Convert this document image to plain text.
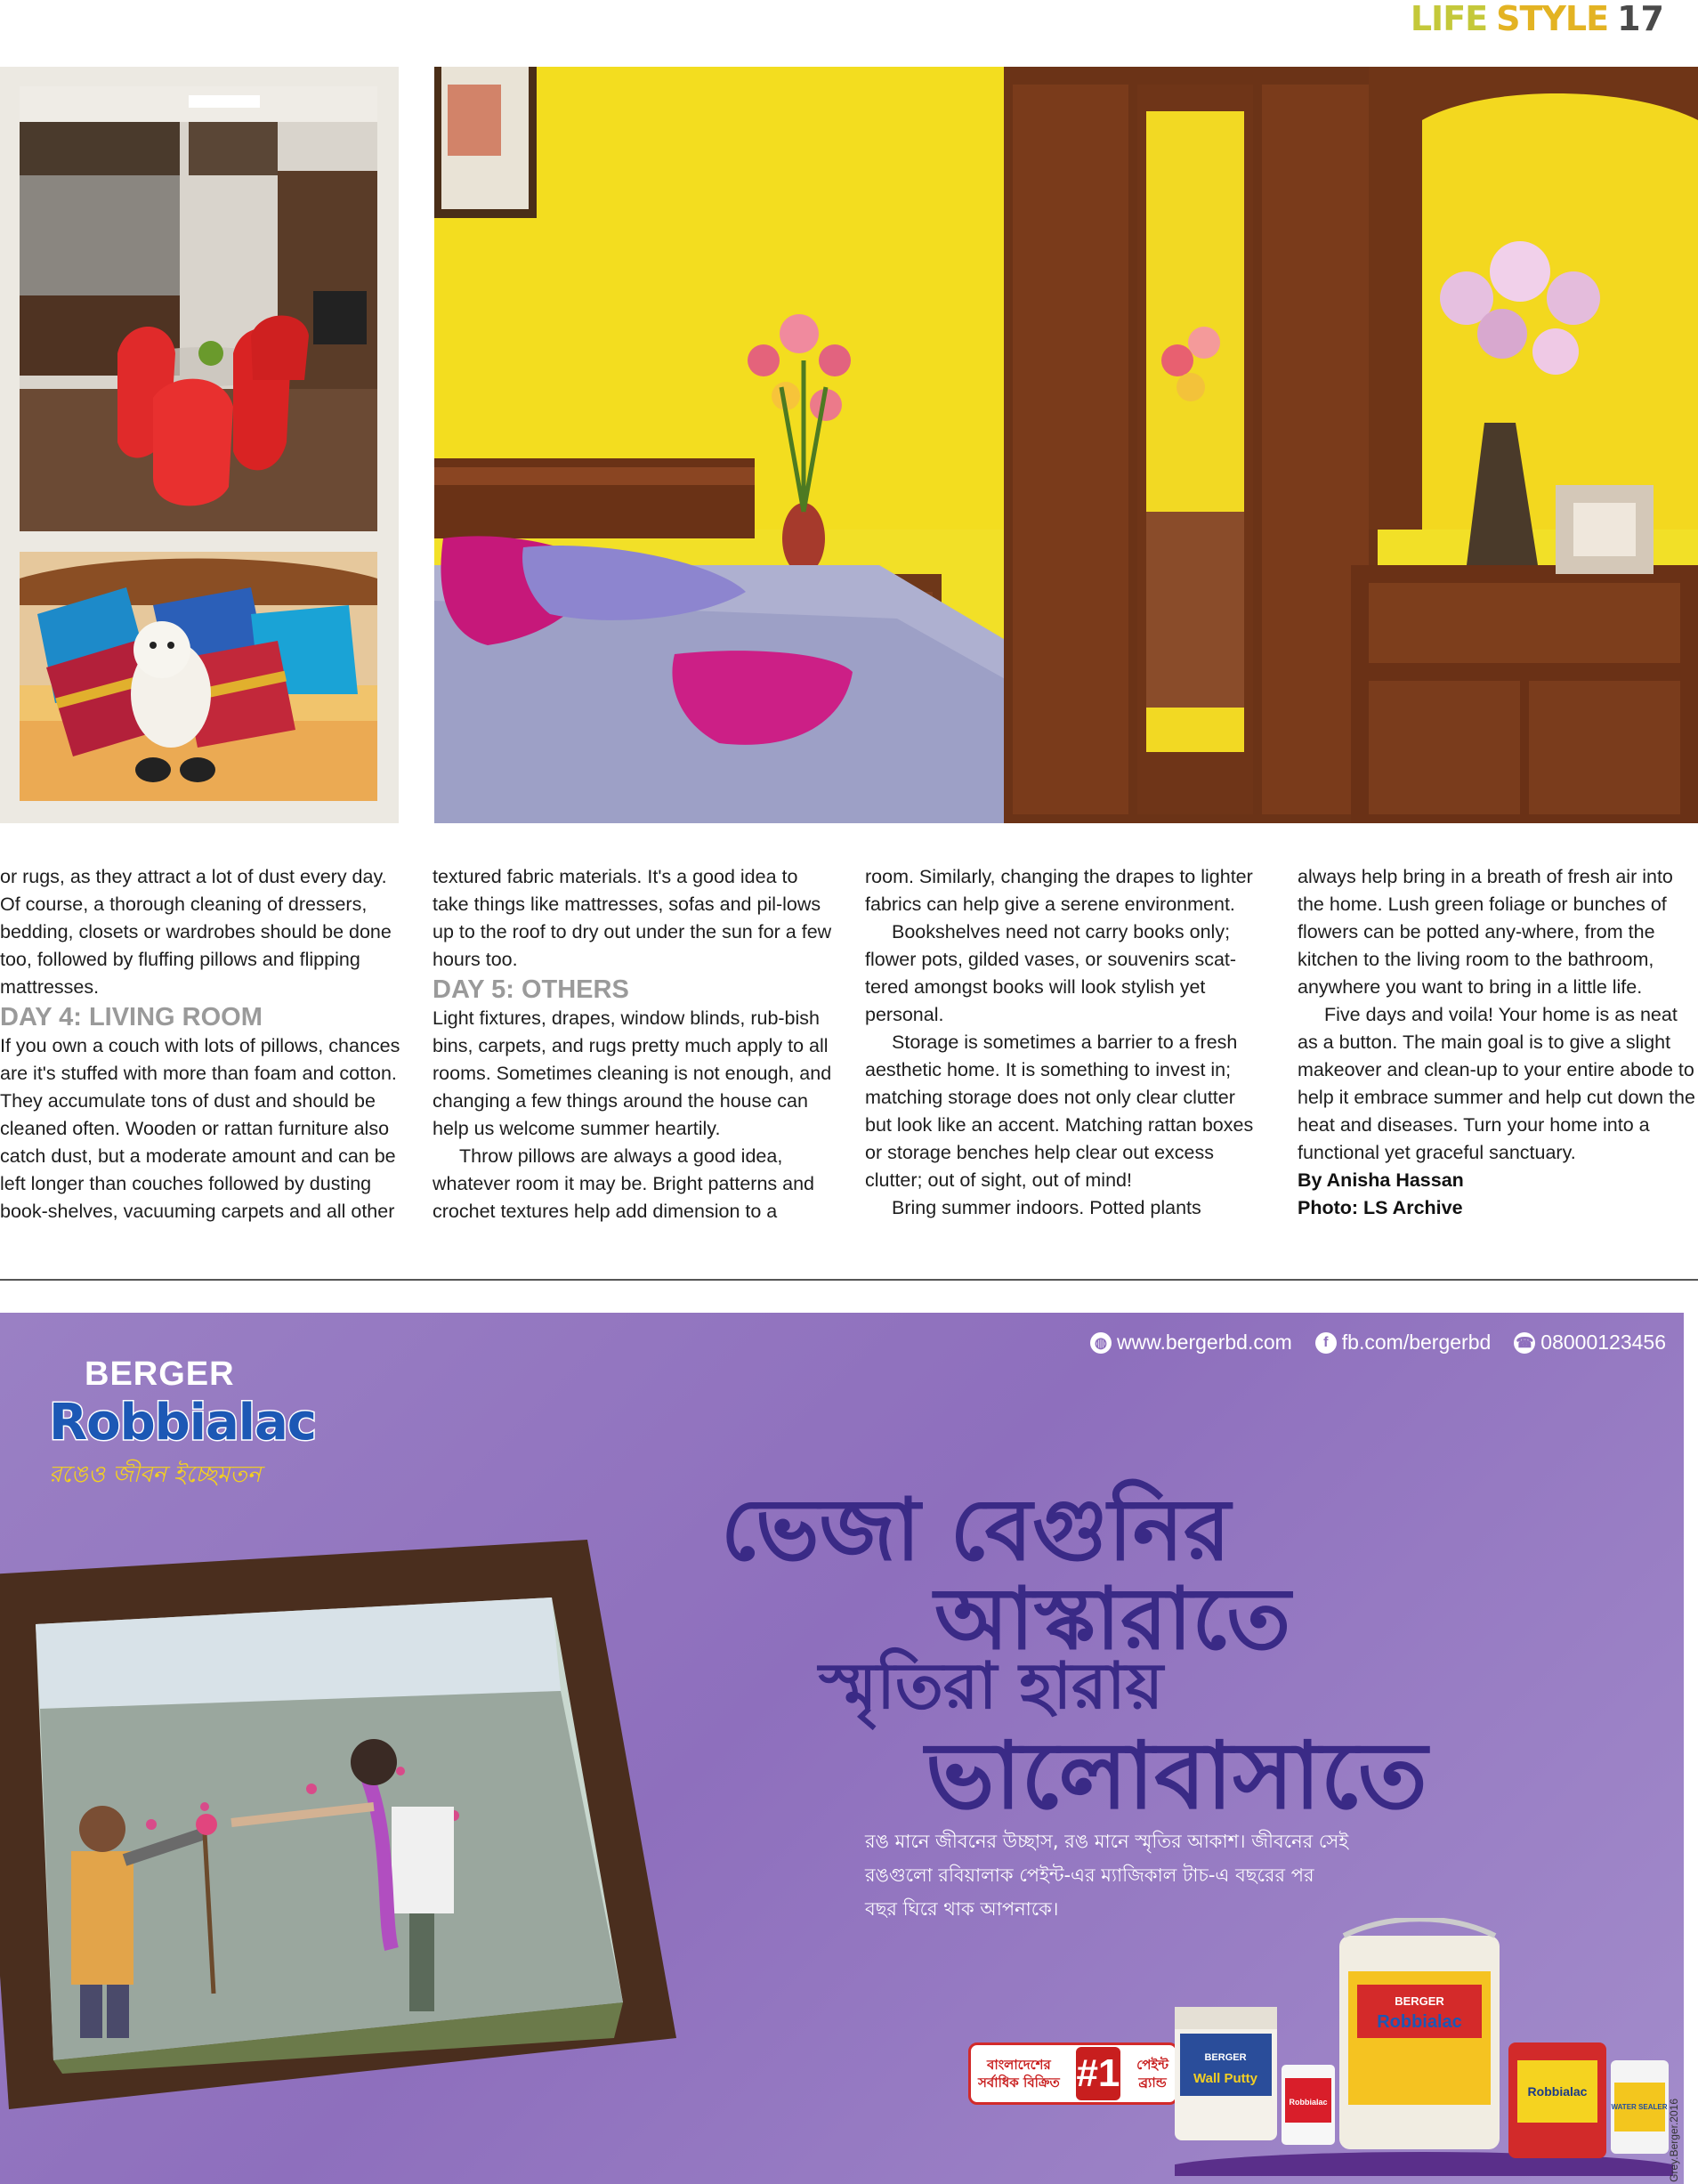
LIFE STYLE 17

or rugs, as they attract a lot of dust every day. Of course, a thorough cleaning of dressers, bedding, closets or wardrobes should be done too, followed by fluffing pillows and flipping mattresses.

DAY 4: LIVING ROOM

If you own a couch with lots of pillows, chances are it's stuffed with more than foam and cotton. They accumulate tons of dust and should be cleaned often. Wooden or rattan furniture also catch dust, but a moderate amount and can be left longer than couches followed by dusting book-shelves, vacuuming carpets and all other

textured fabric materials. It's a good idea to take things like mattresses, sofas and pil-lows up to the roof to dry out under the sun for a few hours too.

DAY 5: OTHERS

Light fixtures, drapes, window blinds, rub-bish bins, carpets, and rugs pretty much apply to all rooms. Sometimes cleaning is not enough, and changing a few things around the house can help us welcome summer heartily.

Throw pillows are always a good idea, whatever room it may be. Bright patterns and crochet textures help add dimension to a

room. Similarly, changing the drapes to lighter fabrics can help give a serene environment.

Bookshelves need not carry books only; flower pots, gilded vases, or souvenirs scat-tered amongst books will look stylish yet personal.

Storage is sometimes a barrier to a fresh aesthetic home. It is something to invest in; matching storage does not only clear clutter but look like an accent. Matching rattan boxes or storage benches help clear out excess clutter; out of sight, out of mind!

Bring summer indoors. Potted plants

always help bring in a breath of fresh air into the home. Lush green foliage or bunches of flowers can be potted any-where, from the kitchen to the living room to the bathroom, anywhere you want to bring in a little life.

Five days and voila! Your home is as neat as a button. The main goal is to give a slight makeover and clean-up to your entire abode to help it embrace summer and help cut down the heat and diseases. Turn your home into a functional yet graceful sanctuary.

By Anisha Hassan

Photo: LS Archive

◍ www.bergerbd.com	f fb.com/bergerbd ☎ 08000123456
BERGER
Robbialac
রঙেও জীবন ইচ্ছেমতন
ভেজা বেগুনির
আস্কারাতে
স্মৃতিরা হারায়
ভালোবাসাতে
রঙ মানে জীবনের উচ্ছাস, রঙ মানে স্মৃতির আকাশ। জীবনের সেই
রঙগুলো রবিয়ালাক পেইন্ট-এর ম্যাজিকাল টাচ-এ বছরের পর
বছর ঘিরে থাক আপনাকে।
বাংলাদেশের
সর্বাধিক বিক্রিত #1 পেইন্ট
ব্র্যান্ড
BERGER
Wall Putty
Robbialac
BERGER
Robbialac
Robbialac
WATER SEALER Grey.Berger.2016
